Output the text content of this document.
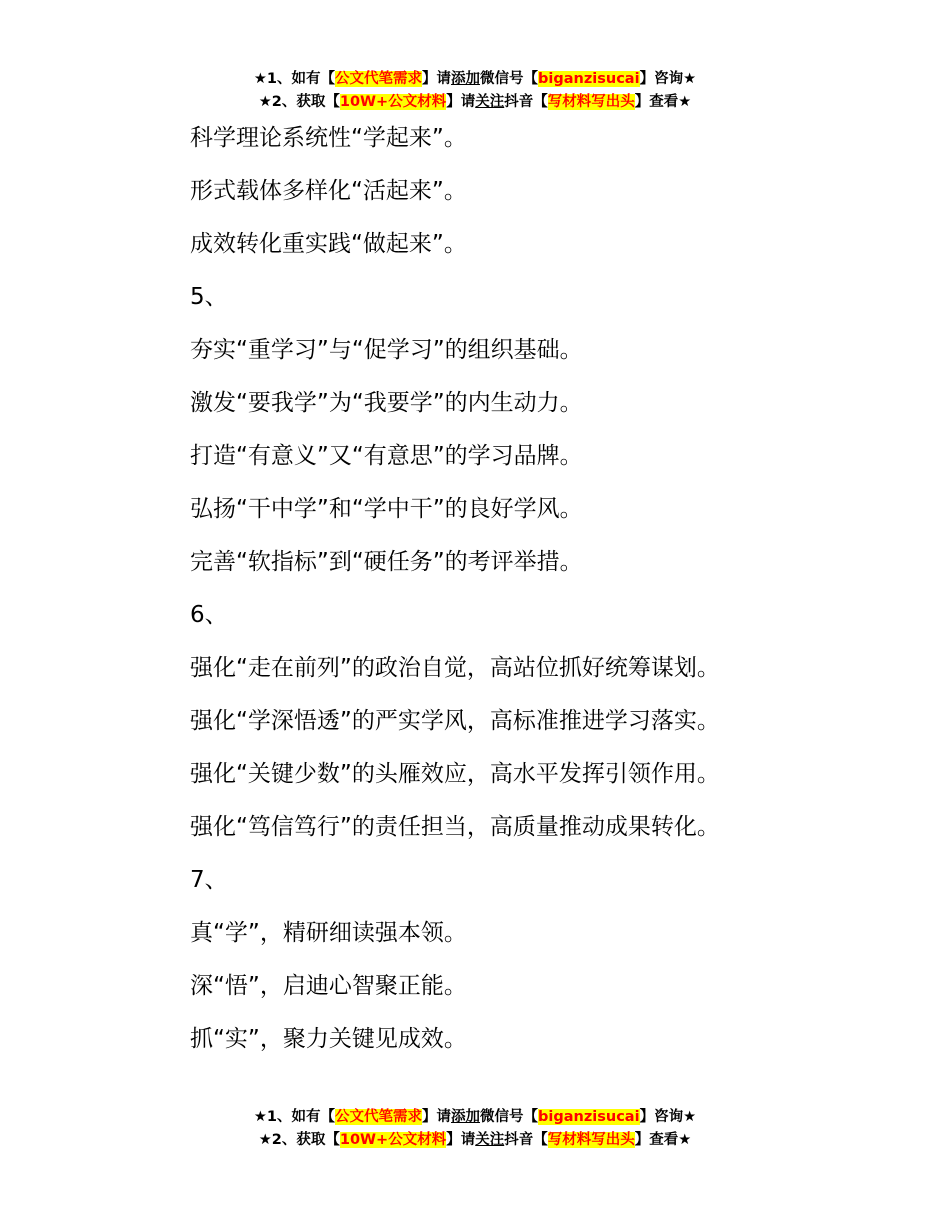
★1、如有【公文代笔需求】请添加微信号【biganzisucai】咨询★
★2、获取【10W+公文材料】请关注抖音【写材料写出头】查看★
科学理论系统性“学起来”。
形式载体多样化“活起来”。
成效转化重实践“做起来”。
5、
夯实“重学习”与“促学习”的组织基础。
激发“要我学”为“我要学”的内生动力。
打造“有意义”又“有意思”的学习品牌。
弘扬“干中学”和“学中干”的良好学风。
完善“软指标”到“硬任务”的考评举措。
6、
强化“走在前列”的政治自觉，高站位抓好统筹谋划。
强化“学深悟透”的严实学风，高标准推进学习落实。
强化“关键少数”的头雁效应，高水平发挥引领作用。
强化“笃信笃行”的责任担当，高质量推动成果转化。
7、
真“学”，精研细读强本领。
深“悟”，启迪心智聚正能。
抓“实”，聚力关键见成效。
★1、如有【公文代笔需求】请添加微信号【biganzisucai】咨询★
★2、获取【10W+公文材料】请关注抖音【写材料写出头】查看★
